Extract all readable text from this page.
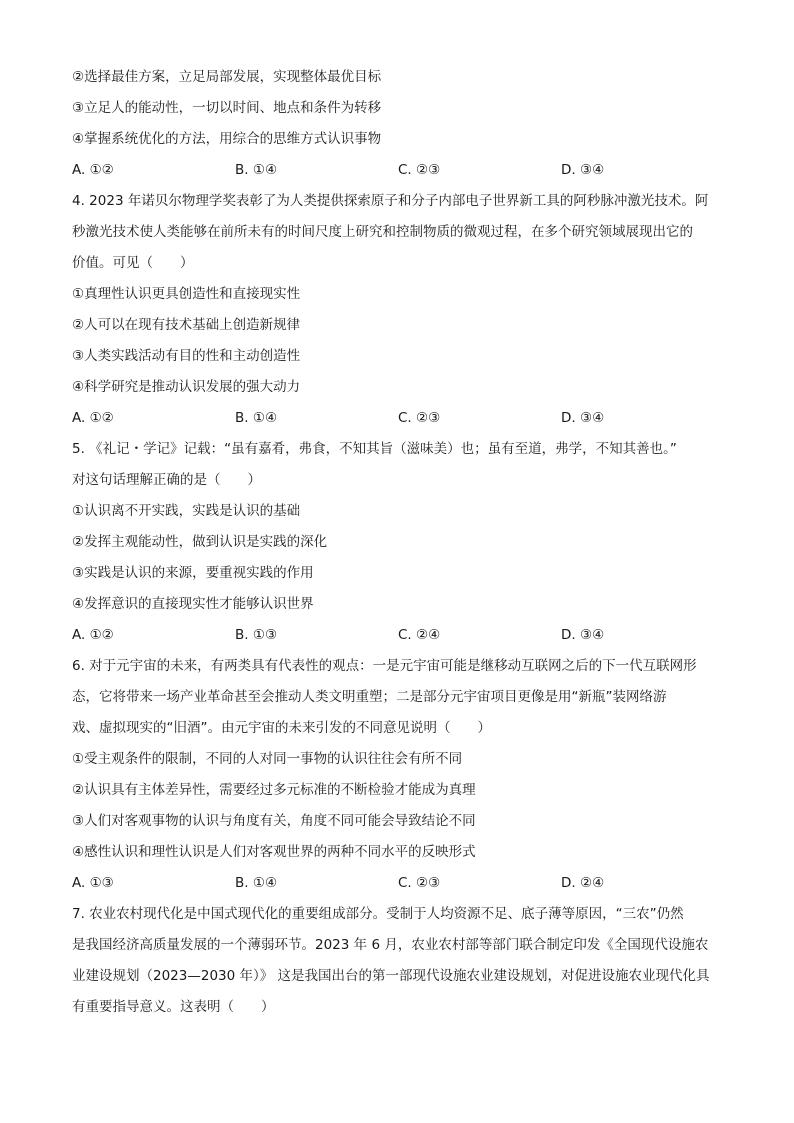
②选择最佳方案，立足局部发展，实现整体最优目标
③立足人的能动性，一切以时间、地点和条件为转移
④掌握系统优化的方法，用综合的思维方式认识事物
A. ①②	B. ①④	C. ②③	D. ③④
4. 2023 年诺贝尔物理学奖表彰了为人类提供探索原子和分子内部电子世界新工具的阿秒脉冲激光技术。阿
秒激光技术使人类能够在前所未有的时间尺度上研究和控制物质的微观过程，在多个研究领域展现出它的
价值。可见（　　）
①真理性认识更具创造性和直接现实性
②人可以在现有技术基础上创造新规律
③人类实践活动有目的性和主动创造性
④科学研究是推动认识发展的强大动力
A. ①②	B. ①④	C. ②③	D. ③④
5. 《礼记・学记》记载：“虽有嘉肴，弗食，不知其旨（滋味美）也；虽有至道，弗学，不知其善也。”
对这句话理解正确的是（　　）
①认识离不开实践，实践是认识的基础
②发挥主观能动性，做到认识是实践的深化
③实践是认识的来源，要重视实践的作用
④发挥意识的直接现实性才能够认识世界
A. ①②	B. ①③	C. ②④	D. ③④
6. 对于元宇宙的未来，有两类具有代表性的观点：一是元宇宙可能是继移动互联网之后的下一代互联网形
态，它将带来一场产业革命甚至会推动人类文明重塑；二是部分元宇宙项目更像是用“新瓶”装网络游
戏、虚拟现实的“旧酒”。由元宇宙的未来引发的不同意见说明（　　）
①受主观条件的限制，不同的人对同一事物的认识往往会有所不同
②认识具有主体差异性，需要经过多元标准的不断检验才能成为真理
③人们对客观事物的认识与角度有关，角度不同可能会导致结论不同
④感性认识和理性认识是人们对客观世界的两种不同水平的反映形式
A. ①③	B. ①④	C. ②③	D. ②④
7. 农业农村现代化是中国式现代化的重要组成部分。受制于人均资源不足、底子薄等原因，“三农”仍然
是我国经济高质量发展的一个薄弱环节。2023 年 6 月，农业农村部等部门联合制定印发《全国现代设施农
业建设规划（2023—2030 年）》 这是我国出台的第一部现代设施农业建设规划，对促进设施农业现代化具
有重要指导意义。这表明（　　）
